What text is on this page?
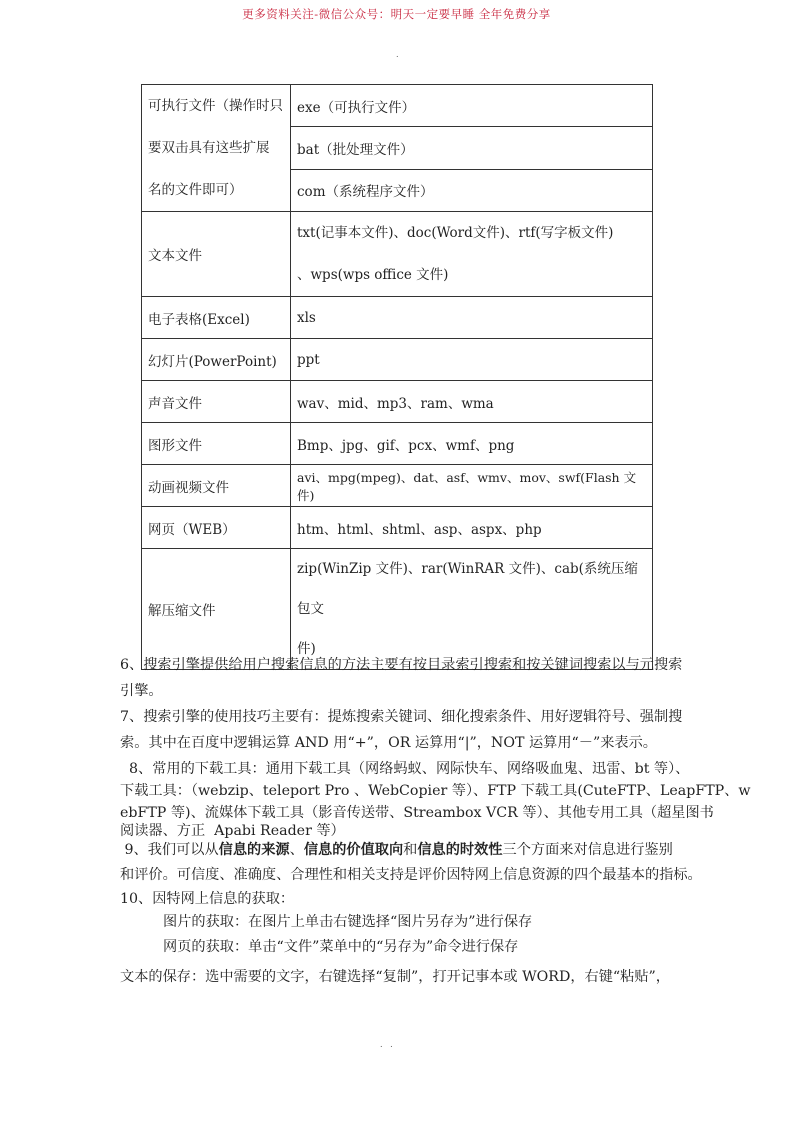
更多资料关注-微信公众号：明天一定要早睡 全年免费分享
.
可执行文件（操作时只
要双击具有这些扩展
名的文件即可）	exe（可执行文件）
	bat（批处理文件）
	com（系统程序文件）
文本文件	txt(记事本文件)、doc(Word文件)、rtf(写字板文件)
、wps(wps office 文件)

电子表格(Excel)	xls
幻灯片(PowerPoint)	ppt
声音文件	wav、mid、mp3、ram、wma
图形文件	Bmp、jpg、gif、pcx、wmf、png
动画视频文件	avi、mpg(mpeg)、dat、asf、wmv、mov、swf(Flash 文件)
网页（WEB）	htm、html、shtml、asp、aspx、php
解压缩文件	zip(WinZip 文件)、rar(WinRAR 文件)、cab(系统压缩包文
件)
6、搜索引擎提供给用户搜索信息的方法主要有按目录索引搜索和按关键词搜索以与元搜索
引擎。
7、搜索引擎的使用技巧主要有：提炼搜索关键词、细化搜索条件、用好逻辑符号、强制搜
索。其中在百度中逻辑运算 AND 用“+”，OR 运算用“|”，NOT 运算用“－”来表示。
8、常用的下载工具：通用下载工具（网络蚂蚁、网际快车、网络吸血鬼、迅雷、bt 等）、
下载工具：（webzip、teleport Pro 、WebCopier 等）、FTP 下载工具(CuteFTP、LeapFTP、w
ebFTP 等)、流媒体下载工具（影音传送带、Streambox VCR 等）、其他专用工具（超星图书
阅读器、方正  Apabi Reader 等）
9、我们可以从信息的来源、信息的价值取向和信息的时效性三个方面来对信息进行鉴别
和评价。可信度、准确度、合理性和相关支持是评价因特网上信息资源的四个最基本的指标。
10、因特网上信息的获取：
图片的获取：在图片上单击右键选择“图片另存为”进行保存
网页的获取：单击“文件”菜单中的“另存为”命令进行保存
文本的保存：选中需要的文字，右键选择“复制”，打开记事本或 WORD，右键“粘贴”，
.   .
